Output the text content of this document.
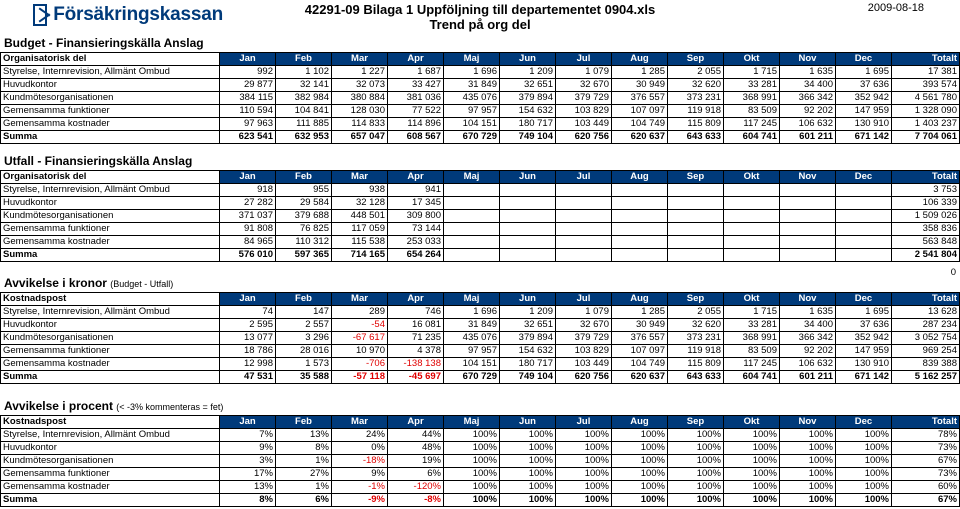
Försäkringskassan	42291-09 Bilaga 1 Uppföljning till departementet 0904.xls
Trend på org del
2009-08-18
Budget - Finansieringskälla Anslag
Organisatorisk del	Jan	Feb	Mar	Apr	Maj	Jun	Jul	Aug	Sep	Okt	Nov	Dec	Totalt
Styrelse, Internrevision, Allmänt Ombud	992	1 102	1 227	1 687	1 696	1 209	1 079	1 285	2 055	1 715	1 635	1 695	17 381
Huvudkontor	29 877	32 141	32 073	33 427	31 849	32 651	32 670	30 949	32 620	33 281	34 400	37 636	393 574
Kundmötesorganisationen	384 115	382 984	380 884	381 036	435 076	379 894	379 729	376 557	373 231	368 991	366 342	352 942	4 561 780
Gemensamma funktioner	110 594	104 841	128 030	77 522	97 957	154 632	103 829	107 097	119 918	83 509	92 202	147 959	1 328 090
Gemensamma kostnader	97 963	111 885	114 833	114 896	104 151	180 717	103 449	104 749	115 809	117 245	106 632	130 910	1 403 237
Summa	623 541	632 953	657 047	608 567	670 729	749 104	620 756	620 637	643 633	604 741	601 211	671 142	7 704 061
Utfall - Finansieringskälla Anslag
Organisatorisk del	Jan	Feb	Mar	Apr	Maj	Jun	Jul	Aug	Sep	Okt	Nov	Dec	Totalt
Styrelse, Internrevision, Allmänt Ombud	918	955	938	941									3 753
Huvudkontor	27 282	29 584	32 128	17 345									106 339
Kundmötesorganisationen	371 037	379 688	448 501	309 800									1 509 026
Gemensamma funktioner	91 808	76 825	117 059	73 144									358 836
Gemensamma kostnader	84 965	110 312	115 538	253 033									563 848
Summa	576 010	597 365	714 165	654 264									2 541 804
0
Avvikelse i kronor (Budget - Utfall)
Kostnadspost	Jan	Feb	Mar	Apr	Maj	Jun	Jul	Aug	Sep	Okt	Nov	Dec	Totalt
Styrelse, Internrevision, Allmänt Ombud	74	147	289	746	1 696	1 209	1 079	1 285	2 055	1 715	1 635	1 695	13 628
Huvudkontor	2 595	2 557	-54	16 081	31 849	32 651	32 670	30 949	32 620	33 281	34 400	37 636	287 234
Kundmötesorganisationen	13 077	3 296	-67 617	71 235	435 076	379 894	379 729	376 557	373 231	368 991	366 342	352 942	3 052 754
Gemensamma funktioner	18 786	28 016	10 970	4 378	97 957	154 632	103 829	107 097	119 918	83 509	92 202	147 959	969 254
Gemensamma kostnader	12 998	1 573	-706	-138 138	104 151	180 717	103 449	104 749	115 809	117 245	106 632	130 910	839 388
Summa	47 531	35 588	-57 118	-45 697	670 729	749 104	620 756	620 637	643 633	604 741	601 211	671 142	5 162 257
Avvikelse i procent (< -3% kommenteras = fet)
Kostnadspost	Jan	Feb	Mar	Apr	Maj	Jun	Jul	Aug	Sep	Okt	Nov	Dec	Totalt
Styrelse, Internrevision, Allmänt Ombud	7%	13%	24%	44%	100%	100%	100%	100%	100%	100%	100%	100%	78%
Huvudkontor	9%	8%	0%	48%	100%	100%	100%	100%	100%	100%	100%	100%	73%
Kundmötesorganisationen	3%	1%	-18%	19%	100%	100%	100%	100%	100%	100%	100%	100%	67%
Gemensamma funktioner	17%	27%	9%	6%	100%	100%	100%	100%	100%	100%	100%	100%	73%
Gemensamma kostnader	13%	1%	-1%	-120%	100%	100%	100%	100%	100%	100%	100%	100%	60%
Summa	8%	6%	-9%	-8%	100%	100%	100%	100%	100%	100%	100%	100%	67%
